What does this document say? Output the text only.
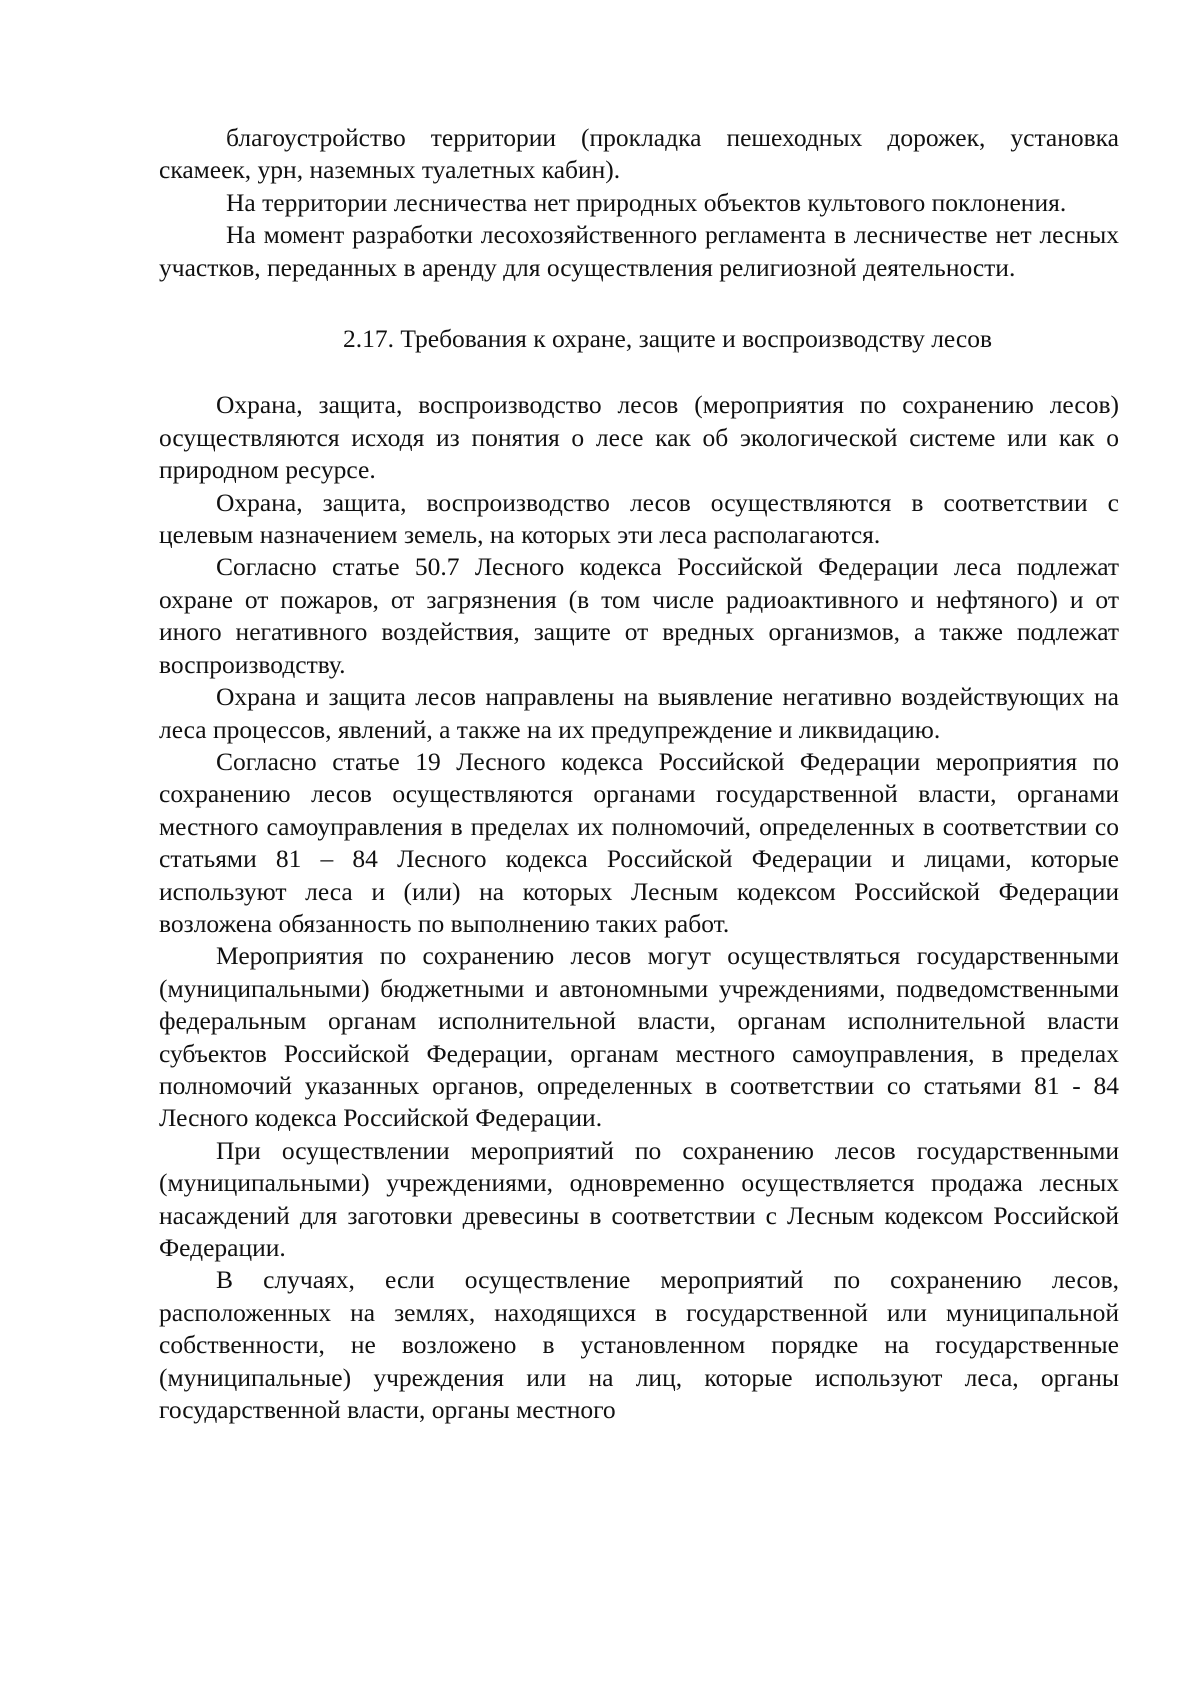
благоустройство территории (прокладка пешеходных дорожек, установка скамеек, урн, наземных туалетных кабин).

На территории лесничества нет природных объектов культового поклонения.

На момент разработки лесохозяйственного регламента в лесничестве нет лесных участков, переданных в аренду для осуществления религиозной деятельности.

2.17. Требования к охране, защите и воспроизводству лесов

Охрана, защита, воспроизводство лесов (мероприятия по сохранению лесов) осуществляются исходя из понятия о лесе как об экологической системе или как о природном ресурсе.

Охрана, защита, воспроизводство лесов осуществляются в соответствии с целевым назначением земель, на которых эти леса располагаются.

Согласно статье 50.7 Лесного кодекса Российской Федерации леса подлежат охране от пожаров, от загрязнения (в том числе радиоактивного и нефтяного) и от иного негативного воздействия, защите от вредных организмов, а также подлежат воспроизводству.

Охрана и защита лесов направлены на выявление негативно воздействующих на леса процессов, явлений, а также на их предупреждение и ликвидацию.

Согласно статье 19 Лесного кодекса Российской Федерации мероприятия по сохранению лесов осуществляются органами государственной власти, органами местного самоуправления в пределах их полномочий, определенных в соответствии со статьями 81 – 84 Лесного кодекса Российской Федерации и лицами, которые используют леса и (или) на которых Лесным кодексом Российской Федерации возложена обязанность по выполнению таких работ.

Мероприятия по сохранению лесов могут осуществляться государственными (муниципальными) бюджетными и автономными учреждениями, подведомственными федеральным органам исполнительной власти, органам исполнительной власти субъектов Российской Федерации, органам местного самоуправления, в пределах полномочий указанных органов, определенных в соответствии со статьями 81 - 84 Лесного кодекса Российской Федерации.

При осуществлении мероприятий по сохранению лесов государственными (муниципальными) учреждениями, одновременно осуществляется продажа лесных насаждений для заготовки древесины в соответствии с Лесным кодексом Российской Федерации.

В случаях, если осуществление мероприятий по сохранению лесов, расположенных на землях, находящихся в государственной или муниципальной собственности, не возложено в установленном порядке на государственные (муниципальные) учреждения или на лиц, которые используют леса, органы государственной власти, органы местного
